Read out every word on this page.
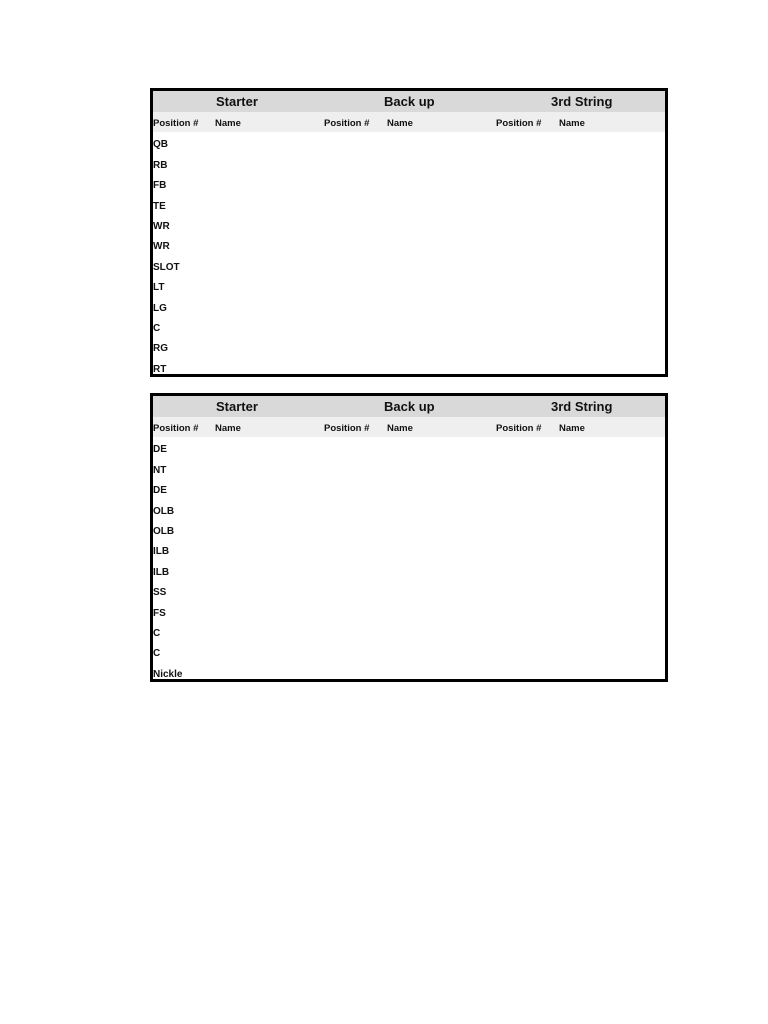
Starter	Back up	3rd String
Position # Name	Position # Name	Position # Name
QB
RB
FB
TE
WR
WR
SLOT
LT
LG
C
RG
RT
Starter	Back up	3rd String
Position # Name	Position # Name	Position # Name
DE
NT
DE
OLB
OLB
ILB
ILB
SS
FS
C
C
Nickle
